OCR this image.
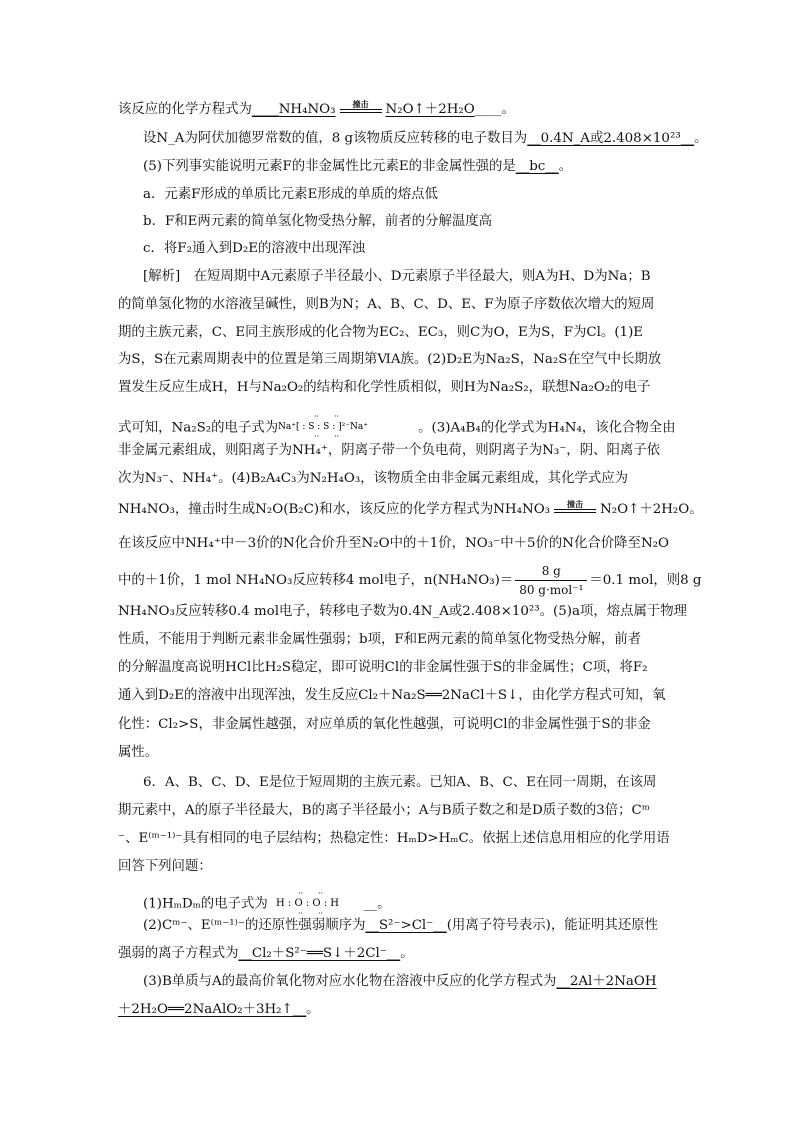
该反应的化学方程式为____NH₄NO₃	撞击	N₂O↑＋2H₂O____。
设N_A为阿伏加德罗常数的值，8 g该物质反应转移的电子数目为__0.4N_A或2.408×10²³__。
(5)下列事实能说明元素F的非金属性比元素E的非金属性强的是__bc__。
a．元素F形成的单质比元素E形成的单质的熔点低
b．F和E两元素的简单氢化物受热分解，前者的分解温度高
c．将F₂通入到D₂E的溶液中出现浑浊
[解析]　在短周期中A元素原子半径最小、D元素原子半径最大，则A为H、D为Na；B
的简单氢化物的水溶液呈碱性，则B为N；A、B、C、D、E、F为原子序数依次增大的短周
期的主族元素，C、E同主族形成的化合物为EC₂、EC₃，则C为O，E为S，F为Cl。(1)E
为S，S在元素周期表中的位置是第三周期第ⅥA族。(2)D₂E为Na₂S，Na₂S在空气中长期放
置发生反应生成H，H与Na₂O₂的结构和化学性质相似，则H为Na₂S₂，联想Na₂O₂的电子
式可知，Na₂S₂的电子式为 Na⁺[ : S : S : ]²⁻Na⁺
·· ··
·· ··
。(3)A₄B₄的化学式为H₄N₄，该化合物全由
非金属元素组成，则阳离子为NH₄⁺，阴离子带一个负电荷，则阴离子为N₃⁻，阴、阳离子依
次为N₃⁻、NH₄⁺。(4)B₂A₄C₃为N₂H₄O₃，该物质全由非金属元素组成，其化学式应为
NH₄NO₃，撞击时生成N₂O(B₂C)和水，该反应的化学方程式为NH₄NO₃	撞击	N₂O↑＋2H₂O。
在该反应中NH₄⁺中－3价的N化合价升至N₂O中的＋1价，NO₃⁻中＋5价的N化合价降至N₂O
中的＋1价，1 mol NH₄NO₃反应转移4 mol电子，$n(NH_4NO_3)= \frac{8 g}{\text{80 g·mol⁻¹}} =0.1$ mol，则8 g
NH₄NO₃反应转移0.4 mol电子，转移电子数为0.4N_A或2.408×10²³。(5)a项，熔点属于物理
性质，不能用于判断元素非金属性强弱；b项，F和E两元素的简单氢化物受热分解，前者
的分解温度高说明HCl比H₂S稳定，即可说明Cl的非金属性强于S的非金属性；C项，将F₂
通入到D₂E的溶液中出现浑浊，发生反应Cl₂＋Na₂S══2NaCl＋S↓，由化学方程式可知，氧
化性：Cl₂>S，非金属性越强，对应单质的氧化性越强，可说明Cl的非金属性强于S的非金
属性。
6．A、B、C、D、E是位于短周期的主族元素。已知A、B、C、E在同一周期，在该周
期元素中，A的原子半径最大，B的离子半径最小；A与B质子数之和是D质子数的3倍；Cᵐ
⁻、E⁽ᵐ⁻¹⁾⁻具有相同的电子层结构；热稳定性：HₘD>HₘC。依据上述信息用相应的化学用语
回答下列问题：
(1)HₘDₘ的电子式为 H : O : O : H
·· ··
·· ··
__。
(2)Cᵐ⁻、E⁽ᵐ⁻¹⁾⁻的还原性强弱顺序为__S²⁻>Cl⁻__(用离子符号表示)，能证明其还原性
强弱的离子方程式为__Cl₂＋S²⁻══S↓＋2Cl⁻__。
(3)B单质与A的最高价氧化物对应水化物在溶液中反应的化学方程式为__2Al＋2NaOH
＋2H₂O══2NaAlO₂＋3H₂↑__。
